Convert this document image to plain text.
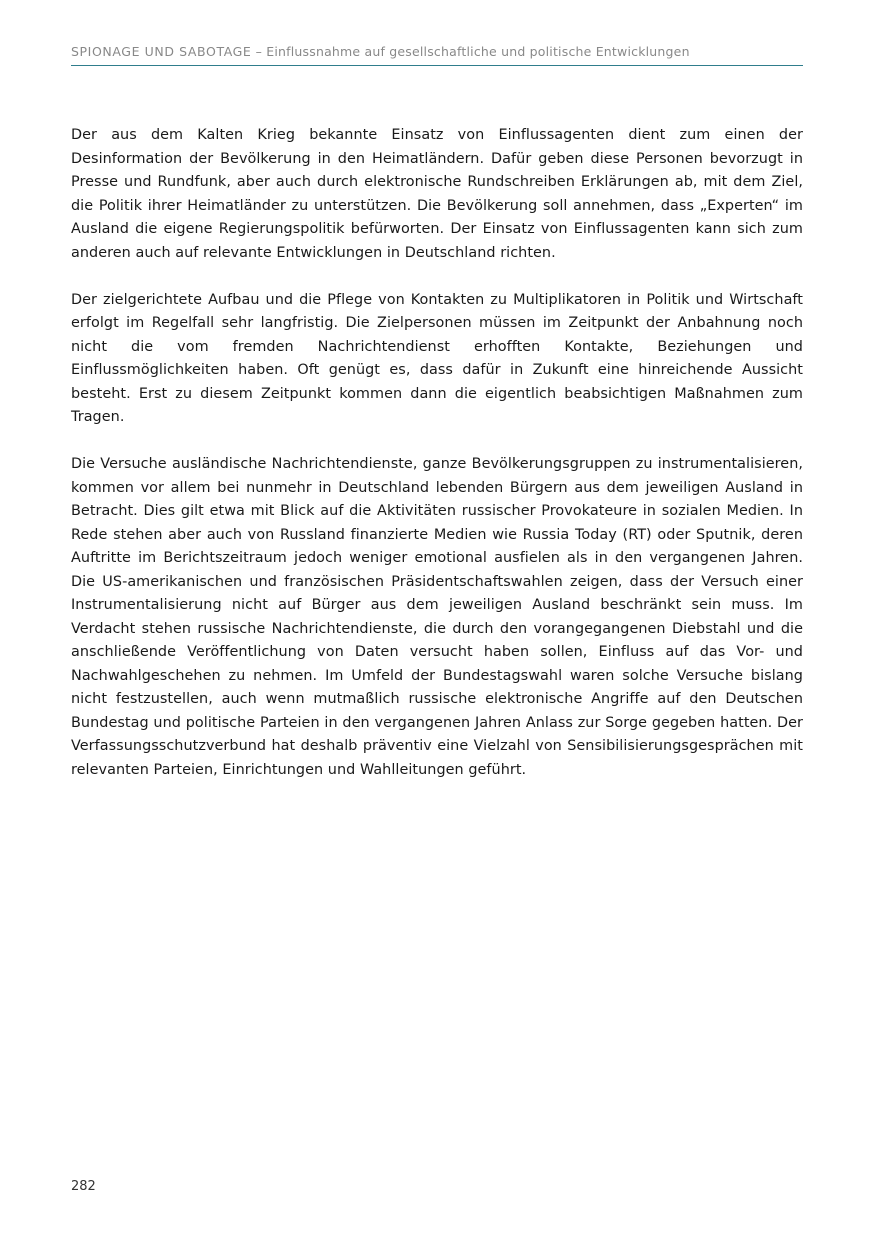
SPIONAGE UND SABOTAGE – Einflussnahme auf gesellschaftliche und politische Entwicklungen

Der aus dem Kalten Krieg bekannte Einsatz von Einflussagenten dient zum einen der Desinformation der Bevölkerung in den Heimatländern. Dafür geben diese Personen bevorzugt in Presse und Rundfunk, aber auch durch elektronische Rundschreiben Erklärungen ab, mit dem Ziel, die Politik ihrer Heimatländer zu unterstützen. Die Bevölkerung soll annehmen, dass „Experten“ im Ausland die eigene Regierungspolitik befürworten. Der Einsatz von Einflussagenten kann sich zum anderen auch auf relevante Entwicklungen in Deutschland richten.

Der zielgerichtete Aufbau und die Pflege von Kontakten zu Multiplikatoren in Politik und Wirtschaft erfolgt im Regelfall sehr langfristig. Die Zielpersonen müssen im Zeitpunkt der Anbahnung noch nicht die vom fremden Nachrichtendienst erhofften Kontakte, Beziehungen und Einflussmöglichkeiten haben. Oft genügt es, dass dafür in Zukunft eine hinreichende Aussicht besteht. Erst zu diesem Zeitpunkt kommen dann die eigentlich beabsichtigen Maßnahmen zum Tragen.

Die Versuche ausländische Nachrichtendienste, ganze Bevölkerungsgruppen zu instrumentalisieren, kommen vor allem bei nunmehr in Deutschland lebenden Bürgern aus dem jeweiligen Ausland in Betracht. Dies gilt etwa mit Blick auf die Aktivitäten russischer Provokateure in sozialen Medien. In Rede stehen aber auch von Russland finanzierte Medien wie Russia Today (RT) oder Sputnik, deren Auftritte im Berichtszeitraum jedoch weniger emotional ausfielen als in den vergangenen Jahren. Die US-amerikanischen und französischen Präsidentschaftswahlen zeigen, dass der Versuch einer Instrumentalisierung nicht auf Bürger aus dem jeweiligen Ausland beschränkt sein muss. Im Verdacht stehen russische Nachrichtendienste, die durch den vorangegangenen Diebstahl und die anschließende Veröffentlichung von Daten versucht haben sollen, Einfluss auf das Vor- und Nachwahlgeschehen zu nehmen. Im Umfeld der Bundestagswahl waren solche Versuche bislang nicht festzustellen, auch wenn mutmaßlich russische elektronische Angriffe auf den Deutschen Bundestag und politische Parteien in den vergangenen Jahren Anlass zur Sorge gegeben hatten. Der Verfassungsschutzverbund hat deshalb präventiv eine Vielzahl von Sensibilisierungsgesprächen mit relevanten Parteien, Einrichtungen und Wahlleitungen geführt.

282
